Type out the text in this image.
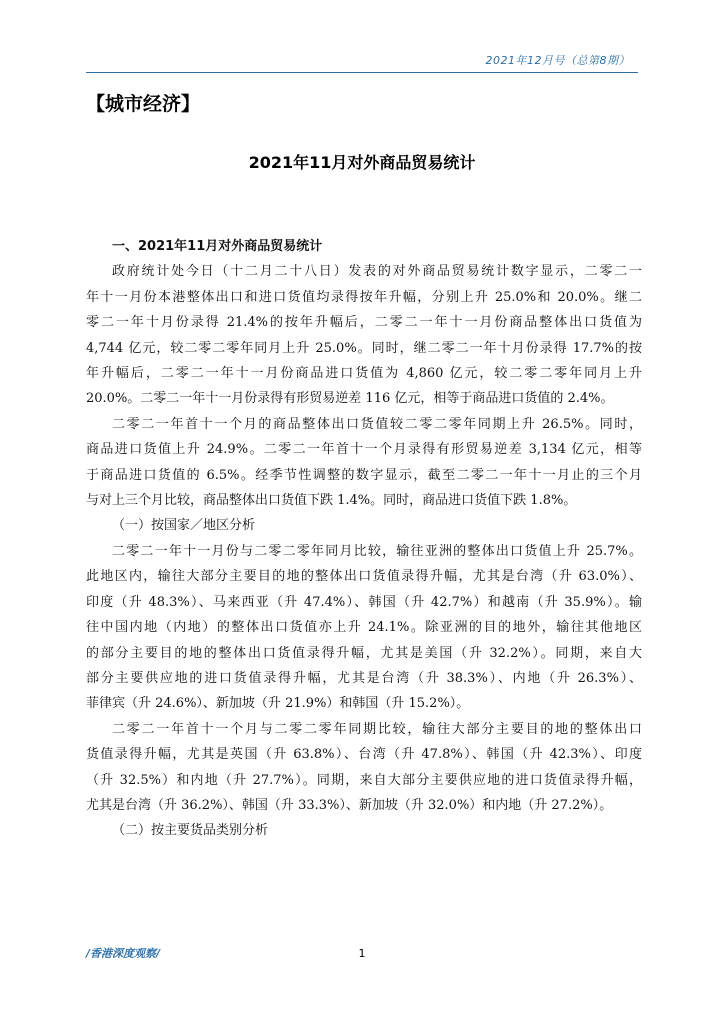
2021年12月号（总第8期）
【城市经济】
2021年11月对外商品贸易统计
一、2021年11月对外商品贸易统计
政府统计处今日（十二月二十八日）发表的对外商品贸易统计数字显示，二零二一
年十一月份本港整体出口和进口货值均录得按年升幅，分别上升 25.0%和 20.0%。继二
零二一年十月份录得 21.4%的按年升幅后，二零二一年十一月份商品整体出口货值为
4,744 亿元，较二零二零年同月上升 25.0%。同时，继二零二一年十月份录得 17.7%的按
年升幅后，二零二一年十一月份商品进口货值为 4,860 亿元，较二零二零年同月上升
20.0%。二零二一年十一月份录得有形贸易逆差 116 亿元，相等于商品进口货值的 2.4%。
二零二一年首十一个月的商品整体出口货值较二零二零年同期上升 26.5%。同时，
商品进口货值上升 24.9%。二零二一年首十一个月录得有形贸易逆差 3,134 亿元，相等
于商品进口货值的 6.5%。经季节性调整的数字显示，截至二零二一年十一月止的三个月
与对上三个月比较，商品整体出口货值下跌 1.4%。同时，商品进口货值下跌 1.8%。
（一）按国家／地区分析
二零二一年十一月份与二零二零年同月比较，输往亚洲的整体出口货值上升 25.7%。
此地区内，输往大部分主要目的地的整体出口货值录得升幅，尤其是台湾（升 63.0%）、
印度（升 48.3%）、马来西亚（升 47.4%）、韩国（升 42.7%）和越南（升 35.9%）。输
往中国内地（内地）的整体出口货值亦上升 24.1%。除亚洲的目的地外，输往其他地区
的部分主要目的地的整体出口货值录得升幅，尤其是美国（升 32.2%）。同期，来自大
部分主要供应地的进口货值录得升幅，尤其是台湾（升 38.3%）、内地（升 26.3%）、
菲律宾（升 24.6%）、新加坡（升 21.9%）和韩国（升 15.2%）。
二零二一年首十一个月与二零二零年同期比较，输往大部分主要目的地的整体出口
货值录得升幅，尤其是英国（升 63.8%）、台湾（升 47.8%）、韩国（升 42.3%）、印度
（升 32.5%）和内地（升 27.7%）。同期，来自大部分主要供应地的进口货值录得升幅，
尤其是台湾（升 36.2%）、韩国（升 33.3%）、新加坡（升 32.0%）和内地（升 27.2%）。
（二）按主要货品类别分析
/香港深度观察/	1
